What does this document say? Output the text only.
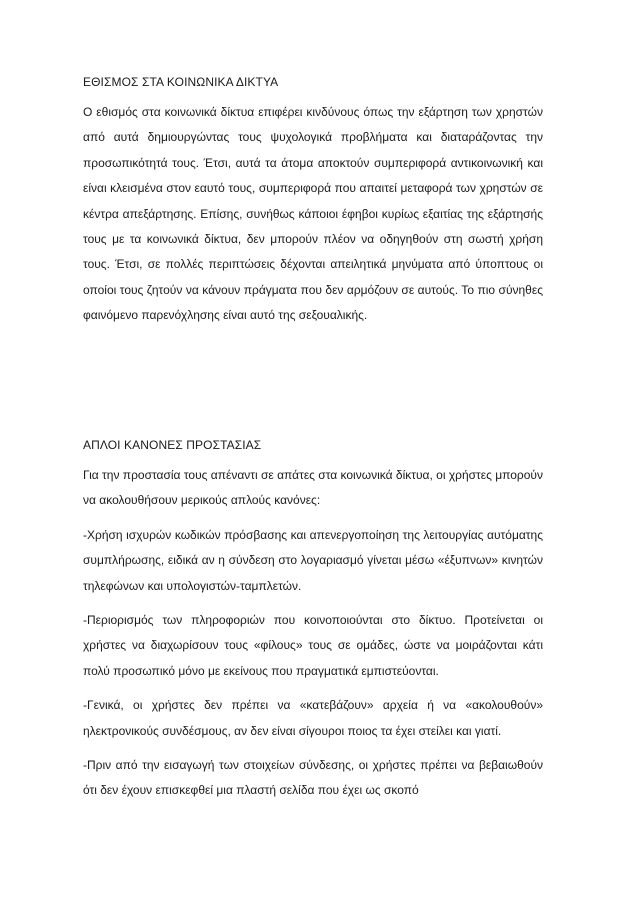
ΕΘΙΣΜΟΣ ΣΤΑ ΚΟΙΝΩΝΙΚΑ ΔΙΚΤΥΑ

Ο εθισμός στα κοινωνικά δίκτυα επιφέρει κινδύνους όπως την εξάρτηση των χρηστών από αυτά δημιουργώντας τους ψυχολογικά προβλήματα και διαταράζοντας την προσωπικότητά τους. Έτσι, αυτά τα άτομα αποκτούν συμπεριφορά αντικοινωνική και είναι κλεισμένα στον εαυτό τους, συμπεριφορά που απαιτεί μεταφορά των χρηστών σε κέντρα απεξάρτησης. Επίσης, συνήθως κάποιοι έφηβοι κυρίως εξαιτίας της εξάρτησής τους με τα κοινωνικά δίκτυα, δεν μπορούν πλέον να οδηγηθούν στη σωστή χρήση τους. Έτσι, σε πολλές περιπτώσεις δέχονται απειλητικά μηνύματα από ύποπτους οι οποίοι τους ζητούν να κάνουν πράγματα που δεν αρμόζουν σε αυτούς. Το πιο σύνηθες φαινόμενο παρενόχλησης είναι αυτό της σεξουαλικής.

ΑΠΛΟΙ ΚΑΝΟΝΕΣ ΠΡΟΣΤΑΣΙΑΣ

Για την προστασία τους απέναντι σε απάτες στα κοινωνικά δίκτυα, οι χρήστες μπορούν να ακολουθήσουν μερικούς απλούς κανόνες:

-Χρήση ισχυρών κωδικών πρόσβασης και απενεργοποίηση της λειτουργίας αυτόματης συμπλήρωσης, ειδικά αν η σύνδεση στο λογαριασμό γίνεται μέσω «έξυπνων» κινητών τηλεφώνων και υπολογιστών-ταμπλετών.

-Περιορισμός των πληροφοριών που κοινοποιούνται στο δίκτυο. Προτείνεται οι χρήστες να διαχωρίσουν τους «φίλους» τους σε ομάδες, ώστε να μοιράζονται κάτι πολύ προσωπικό μόνο με εκείνους που πραγματικά εμπιστεύονται.

-Γενικά, οι χρήστες δεν πρέπει να «κατεβάζουν» αρχεία ή να «ακολουθούν» ηλεκτρονικούς συνδέσμους, αν δεν είναι σίγουροι ποιος τα έχει στείλει και γιατί.

-Πριν από την εισαγωγή των στοιχείων σύνδεσης, οι χρήστες πρέπει να βεβαιωθούν ότι δεν έχουν επισκεφθεί μια πλαστή σελίδα που έχει ως σκοπό
